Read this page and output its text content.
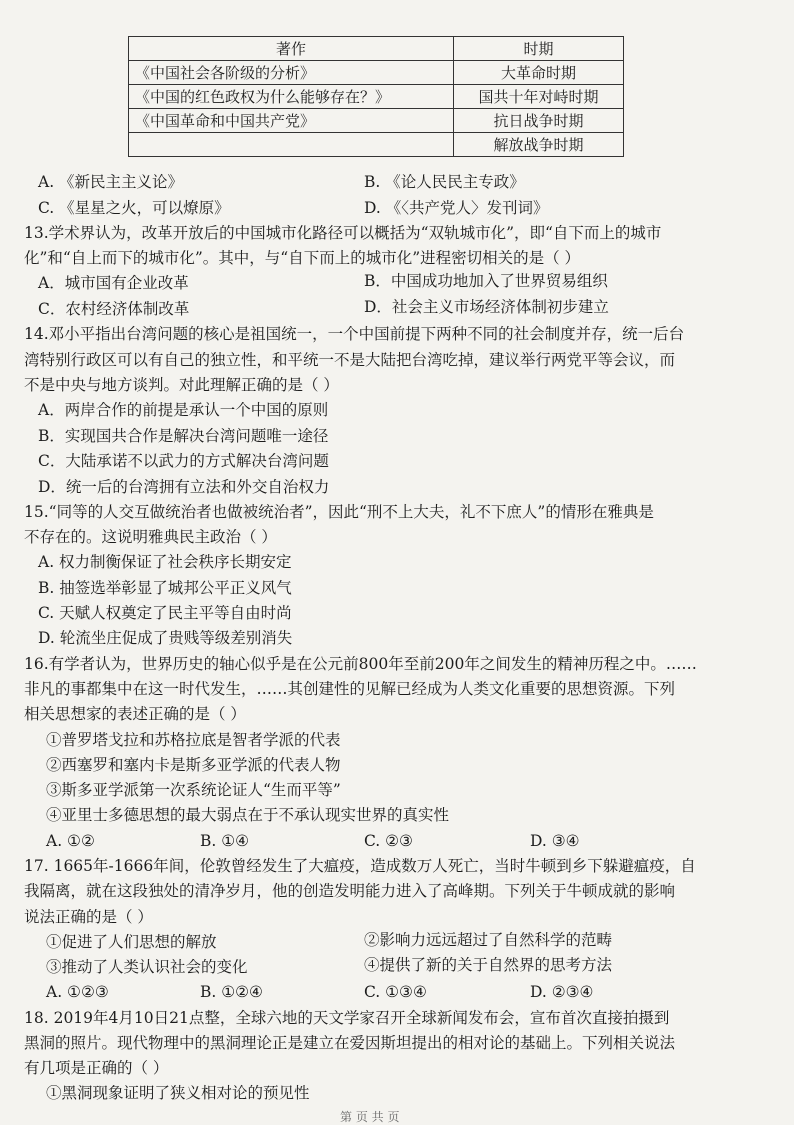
著作	时期
《中国社会各阶级的分析》	大革命时期
《中国的红色政权为什么能够存在？》	国共十年对峙时期
《中国革命和中国共产党》	抗日战争时期
	解放战争时期
A. 《新民主主义论》	B. 《论人民民主专政》
C. 《星星之火，可以燎原》	D. 《〈共产党人〉发刊词》
13.学术界认为，改革开放后的中国城市化路径可以概括为“双轨城市化”，即“自下而上的城市
化”和“自上而下的城市化”。其中，与“自下而上的城市化”进程密切相关的是（ ）
A．城市国有企业改革	B．中国成功地加入了世界贸易组织
C．农村经济体制改革	D．社会主义市场经济体制初步建立
14.邓小平指出台湾问题的核心是祖国统一，一个中国前提下两种不同的社会制度并存，统一后台
湾特别行政区可以有自己的独立性，和平统一不是大陆把台湾吃掉，建议举行两党平等会议，而
不是中央与地方谈判。对此理解正确的是（ ）
A．两岸合作的前提是承认一个中国的原则
B．实现国共合作是解决台湾问题唯一途径
C．大陆承诺不以武力的方式解决台湾问题
D．统一后的台湾拥有立法和外交自治权力
15.“同等的人交互做统治者也做被统治者”，因此“刑不上大夫，礼不下庶人”的情形在雅典是
不存在的。这说明雅典民主政治（ ）
A. 权力制衡保证了社会秩序长期安定
B. 抽签选举彰显了城邦公平正义风气
C. 天赋人权奠定了民主平等自由时尚
D. 轮流坐庄促成了贵贱等级差别消失
16.有学者认为，世界历史的轴心似乎是在公元前800年至前200年之间发生的精神历程之中。……
非凡的事都集中在这一时代发生，……其创建性的见解已经成为人类文化重要的思想资源。下列
相关思想家的表述正确的是（ ）
①普罗塔戈拉和苏格拉底是智者学派的代表
②西塞罗和塞内卡是斯多亚学派的代表人物
③斯多亚学派第一次系统论证人“生而平等”
④亚里士多德思想的最大弱点在于不承认现实世界的真实性
A. ①②	B. ①④	C. ②③	D. ③④
17. 1665年-1666年间，伦敦曾经发生了大瘟疫，造成数万人死亡，当时牛顿到乡下躲避瘟疫，自
我隔离，就在这段独处的清净岁月，他的创造发明能力进入了高峰期。下列关于牛顿成就的影响
说法正确的是（ ）
①促进了人们思想的解放	②影响力远远超过了自然科学的范畴
③推动了人类认识社会的变化	④提供了新的关于自然界的思考方法
A. ①②③	B. ①②④	C. ①③④	D. ②③④
18. 2019年4月10日21点整，全球六地的天文学家召开全球新闻发布会，宣布首次直接拍摄到
黑洞的照片。现代物理中的黑洞理论正是建立在爱因斯坦提出的相对论的基础上。下列相关说法
有几项是正确的（ ）
①黑洞现象证明了狭义相对论的预见性
第 页 共 页
